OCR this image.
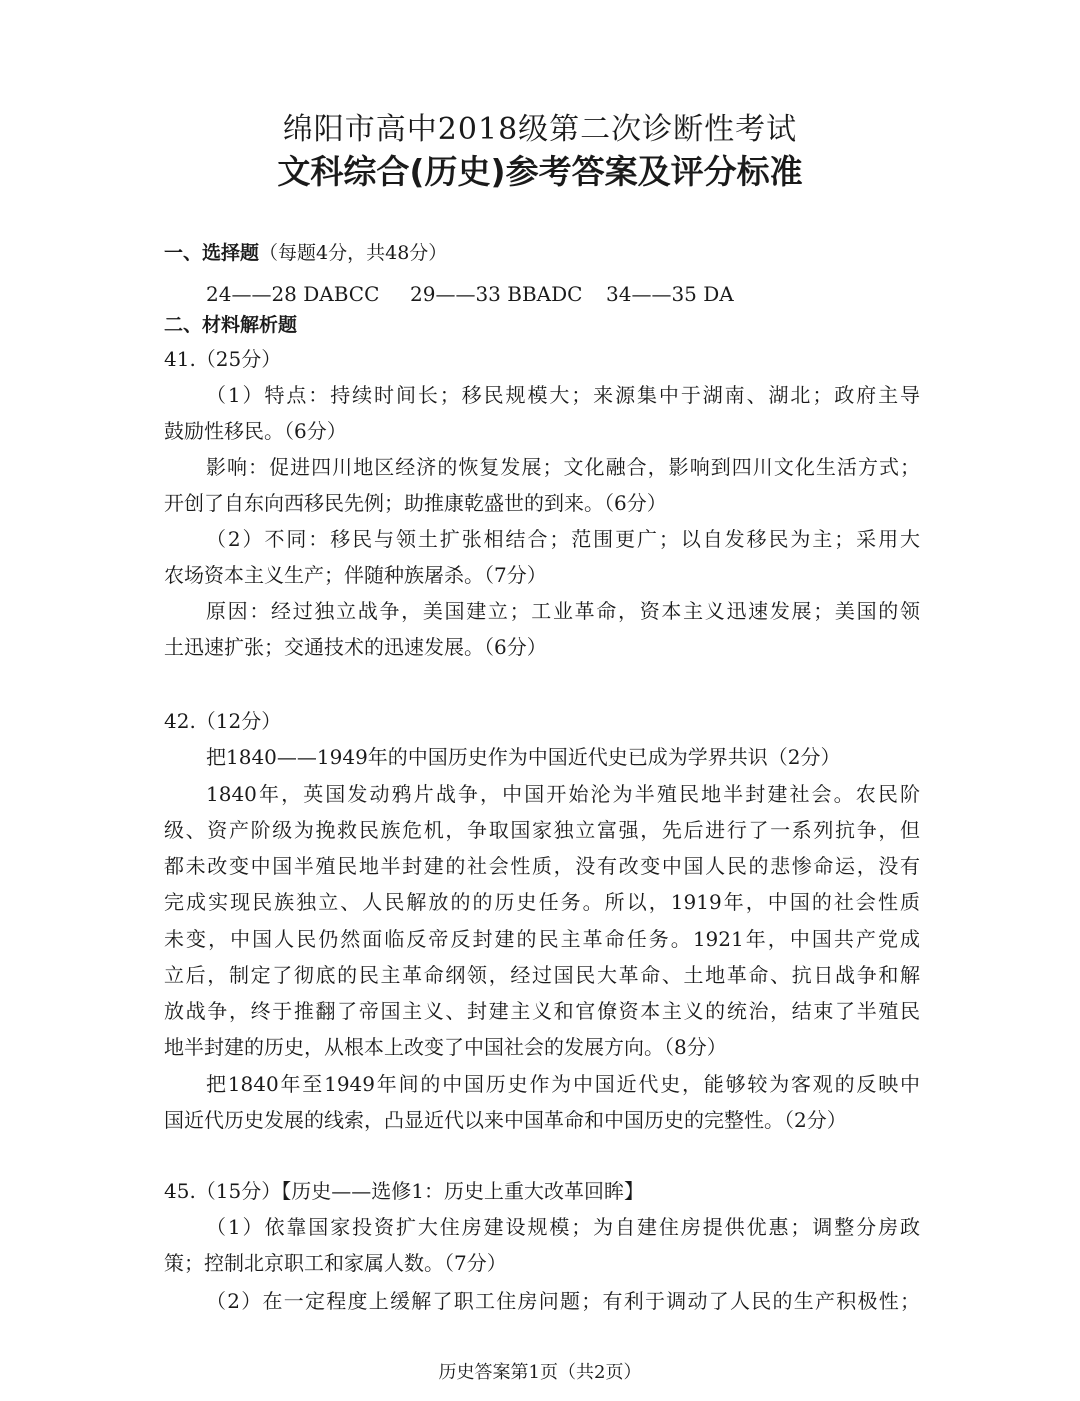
绵阳市高中2018级第二次诊断性考试
文科综合(历史)参考答案及评分标准
一、选择题（每题4分，共48分）
24——28 DABCC 29——33 BBADC 34——35 DA
二、材料解析题
41.（25分）
（1）特点：持续时间长；移民规模大；来源集中于湖南、湖北；政府主导
鼓励性移民。（6分）
影响：促进四川地区经济的恢复发展；文化融合，影响到四川文化生活方式；
开创了自东向西移民先例；助推康乾盛世的到来。（6分）
（2）不同：移民与领土扩张相结合；范围更广；以自发移民为主；采用大
农场资本主义生产；伴随种族屠杀。（7分）
原因：经过独立战争，美国建立；工业革命，资本主义迅速发展；美国的领
土迅速扩张；交通技术的迅速发展。（6分）
42.（12分）
把1840——1949年的中国历史作为中国近代史已成为学界共识（2分）
1840年，英国发动鸦片战争，中国开始沦为半殖民地半封建社会。农民阶
级、资产阶级为挽救民族危机，争取国家独立富强，先后进行了一系列抗争，但
都未改变中国半殖民地半封建的社会性质，没有改变中国人民的悲惨命运，没有
完成实现民族独立、人民解放的的历史任务。所以，1919年，中国的社会性质
未变，中国人民仍然面临反帝反封建的民主革命任务。1921年，中国共产党成
立后，制定了彻底的民主革命纲领，经过国民大革命、土地革命、抗日战争和解
放战争，终于推翻了帝国主义、封建主义和官僚资本主义的统治，结束了半殖民
地半封建的历史，从根本上改变了中国社会的发展方向。（8分）
把1840年至1949年间的中国历史作为中国近代史，能够较为客观的反映中
国近代历史发展的线索，凸显近代以来中国革命和中国历史的完整性。（2分）
45.（15分）【历史——选修1：历史上重大改革回眸】
（1）依靠国家投资扩大住房建设规模；为自建住房提供优惠；调整分房政
策；控制北京职工和家属人数。（7分）
（2）在一定程度上缓解了职工住房问题；有利于调动了人民的生产积极性；
历史答案第1页（共2页）
